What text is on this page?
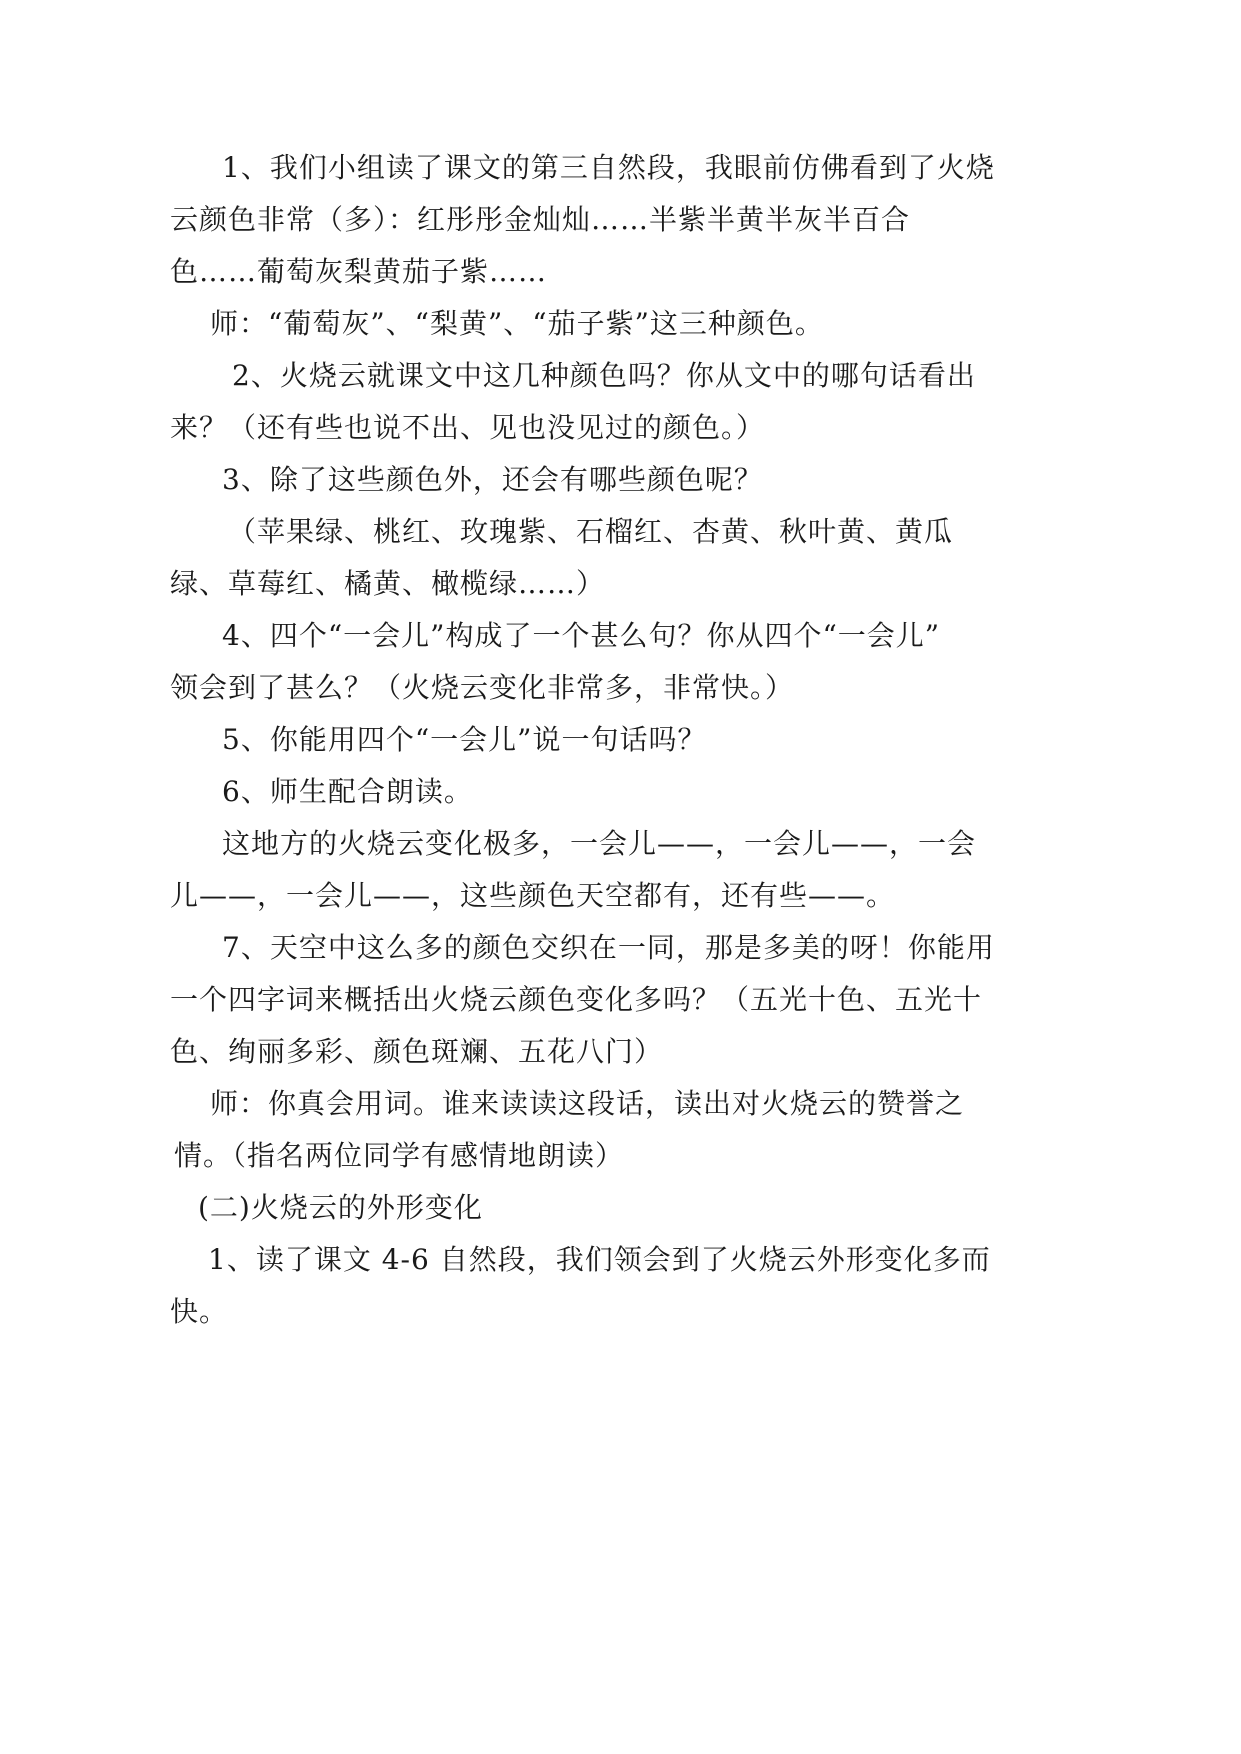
1、我们小组读了课文的第三自然段，我眼前仿佛看到了火烧

云颜色非常（多）：红彤彤金灿灿……半紫半黄半灰半百合

色……葡萄灰梨黄茄子紫……

师：“葡萄灰”、“梨黄”、“茄子紫”这三种颜色。

2、火烧云就课文中这几种颜色吗？你从文中的哪句话看出

来？（还有些也说不出、见也没见过的颜色。）

3、除了这些颜色外，还会有哪些颜色呢？

（苹果绿、桃红、玫瑰紫、石榴红、杏黄、秋叶黄、黄瓜

绿、草莓红、橘黄、橄榄绿……）

4、四个“一会儿”构成了一个甚么句？你从四个“一会儿”

领会到了甚么？（火烧云变化非常多，非常快。）

5、你能用四个“一会儿”说一句话吗？

6、师生配合朗读。

这地方的火烧云变化极多，一会儿——，一会儿——，一会

儿——，一会儿——，这些颜色天空都有，还有些——。

7、天空中这么多的颜色交织在一同，那是多美的呀！你能用

一个四字词来概括出火烧云颜色变化多吗？（五光十色、五光十

色、绚丽多彩、颜色斑斓、五花八门）

师：你真会用词。谁来读读这段话，读出对火烧云的赞誉之

情。（指名两位同学有感情地朗读）

(二)火烧云的外形变化

1、读了课文 4-6 自然段，我们领会到了火烧云外形变化多而

快。
